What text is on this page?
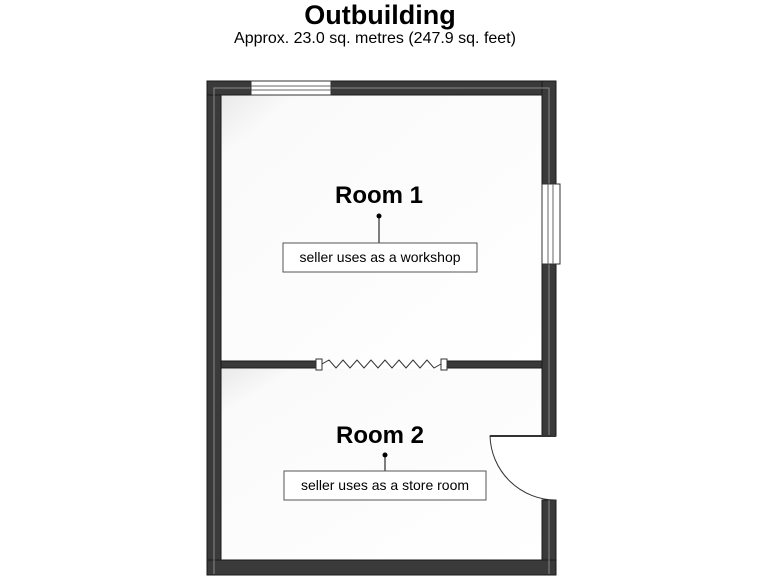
Outbuilding
Approx. 23.0 sq. metres (247.9 sq. feet)
Room 1
seller uses as a workshop
Room 2
seller uses as a store room
